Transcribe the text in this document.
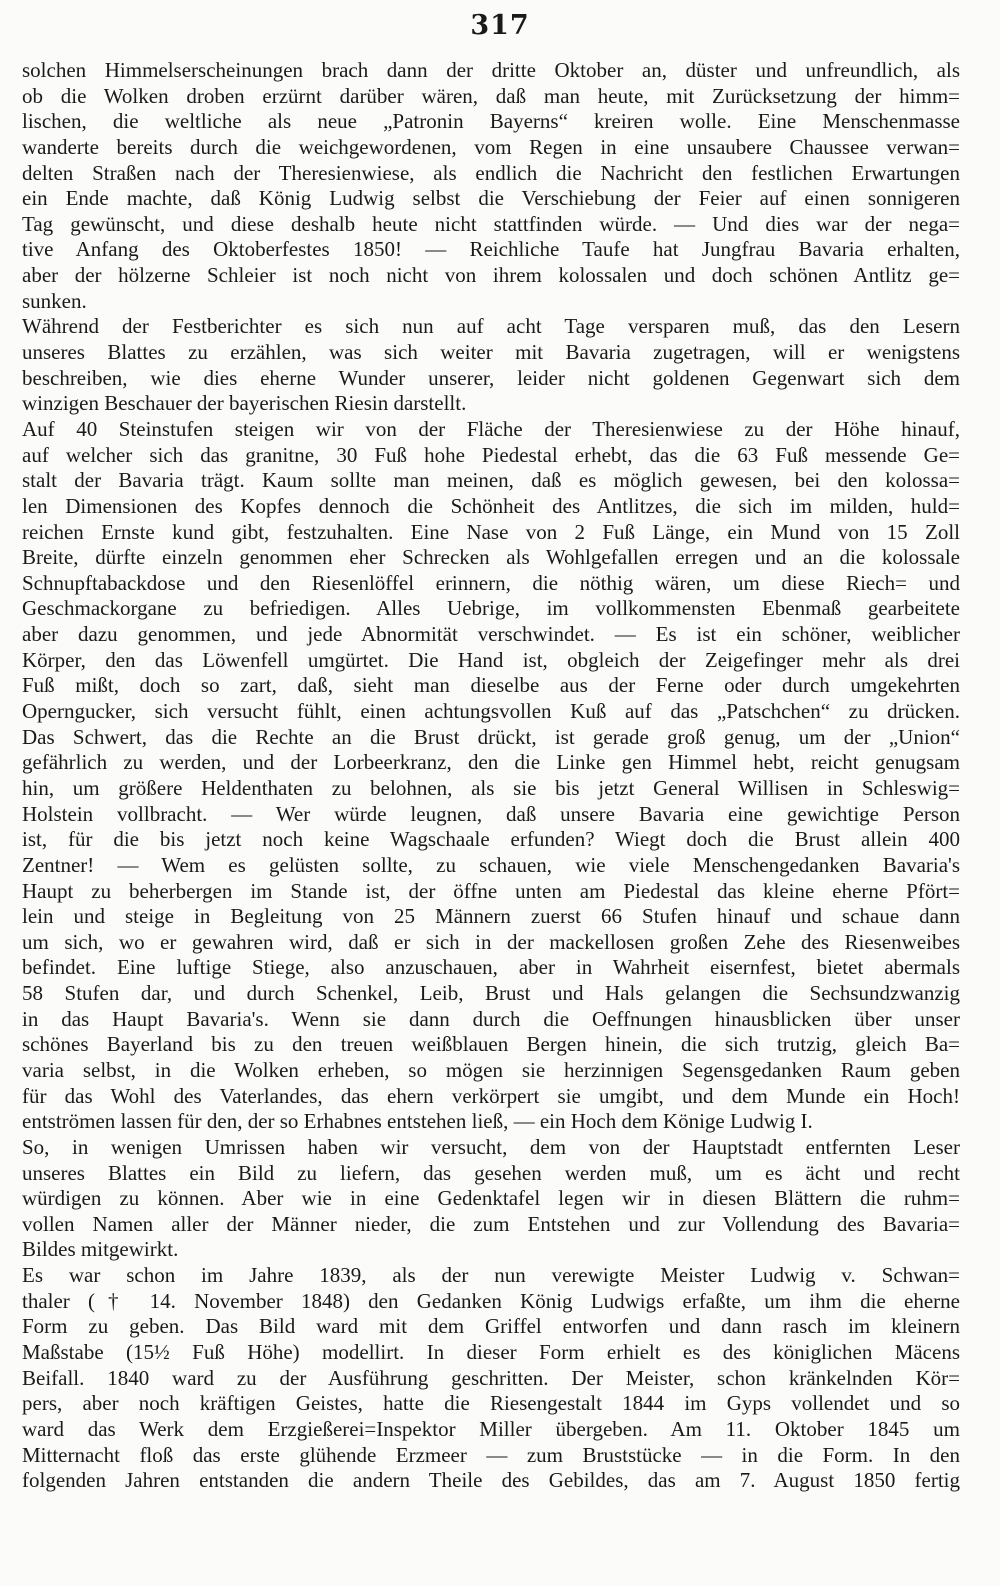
317
solchen Himmelserscheinungen brach dann der dritte Oktober an, düster und unfreundlich, als
ob die Wolken droben erzürnt darüber wären, daß man heute, mit Zurücksetzung der himm=
lischen, die weltliche als neue „Patronin Bayerns“ kreiren wolle. Eine Menschenmasse
wanderte bereits durch die weichgewordenen, vom Regen in eine unsaubere Chaussee verwan=
delten Straßen nach der Theresienwiese, als endlich die Nachricht den festlichen Erwartungen
ein Ende machte, daß König Ludwig selbst die Verschiebung der Feier auf einen sonnigeren
Tag gewünscht, und diese deshalb heute nicht stattfinden würde. — Und dies war der nega=
tive Anfang des Oktoberfestes 1850! — Reichliche Taufe hat Jungfrau Bavaria erhalten,
aber der hölzerne Schleier ist noch nicht von ihrem kolossalen und doch schönen Antlitz ge=
sunken.
Während der Festberichter es sich nun auf acht Tage versparen muß, das den Lesern
unseres Blattes zu erzählen, was sich weiter mit Bavaria zugetragen, will er wenigstens
beschreiben, wie dies eherne Wunder unserer, leider nicht goldenen Gegenwart sich dem
winzigen Beschauer der bayerischen Riesin darstellt.
Auf 40 Steinstufen steigen wir von der Fläche der Theresienwiese zu der Höhe hinauf,
auf welcher sich das granitne, 30 Fuß hohe Piedestal erhebt, das die 63 Fuß messende Ge=
stalt der Bavaria trägt. Kaum sollte man meinen, daß es möglich gewesen, bei den kolossa=
len Dimensionen des Kopfes dennoch die Schönheit des Antlitzes, die sich im milden, huld=
reichen Ernste kund gibt, festzuhalten. Eine Nase von 2 Fuß Länge, ein Mund von 15 Zoll
Breite, dürfte einzeln genommen eher Schrecken als Wohlgefallen erregen und an die kolossale
Schnupftabackdose und den Riesenlöffel erinnern, die nöthig wären, um diese Riech= und
Geschmackorgane zu befriedigen. Alles Uebrige, im vollkommensten Ebenmaß gearbeitete
aber dazu genommen, und jede Abnormität verschwindet. — Es ist ein schöner, weiblicher
Körper, den das Löwenfell umgürtet. Die Hand ist, obgleich der Zeigefinger mehr als drei
Fuß mißt, doch so zart, daß, sieht man dieselbe aus der Ferne oder durch umgekehrten
Operngucker, sich versucht fühlt, einen achtungsvollen Kuß auf das „Patschchen“ zu drücken.
Das Schwert, das die Rechte an die Brust drückt, ist gerade groß genug, um der „Union“
gefährlich zu werden, und der Lorbeerkranz, den die Linke gen Himmel hebt, reicht genugsam
hin, um größere Heldenthaten zu belohnen, als sie bis jetzt General Willisen in Schleswig=
Holstein vollbracht. — Wer würde leugnen, daß unsere Bavaria eine gewichtige Person
ist, für die bis jetzt noch keine Wagschaale erfunden? Wiegt doch die Brust allein 400
Zentner! — Wem es gelüsten sollte, zu schauen, wie viele Menschengedanken Bavaria's
Haupt zu beherbergen im Stande ist, der öffne unten am Piedestal das kleine eherne Pfört=
lein und steige in Begleitung von 25 Männern zuerst 66 Stufen hinauf und schaue dann
um sich, wo er gewahren wird, daß er sich in der mackellosen großen Zehe des Riesenweibes
befindet. Eine luftige Stiege, also anzuschauen, aber in Wahrheit eisernfest, bietet abermals
58 Stufen dar, und durch Schenkel, Leib, Brust und Hals gelangen die Sechsundzwanzig
in das Haupt Bavaria's. Wenn sie dann durch die Oeffnungen hinausblicken über unser
schönes Bayerland bis zu den treuen weißblauen Bergen hinein, die sich trutzig, gleich Ba=
varia selbst, in die Wolken erheben, so mögen sie herzinnigen Segensgedanken Raum geben
für das Wohl des Vaterlandes, das ehern verkörpert sie umgibt, und dem Munde ein Hoch!
entströmen lassen für den, der so Erhabnes entstehen ließ, — ein Hoch dem Könige Ludwig I.
So, in wenigen Umrissen haben wir versucht, dem von der Hauptstadt entfernten Leser
unseres Blattes ein Bild zu liefern, das gesehen werden muß, um es ächt und recht
würdigen zu können. Aber wie in eine Gedenktafel legen wir in diesen Blättern die ruhm=
vollen Namen aller der Männer nieder, die zum Entstehen und zur Vollendung des Bavaria=
Bildes mitgewirkt.
Es war schon im Jahre 1839, als der nun verewigte Meister Ludwig v. Schwan=
thaler († 14. November 1848) den Gedanken König Ludwigs erfaßte, um ihm die eherne
Form zu geben. Das Bild ward mit dem Griffel entworfen und dann rasch im kleinern
Maßstabe (15½ Fuß Höhe) modellirt. In dieser Form erhielt es des königlichen Mäcens
Beifall. 1840 ward zu der Ausführung geschritten. Der Meister, schon kränkelnden Kör=
pers, aber noch kräftigen Geistes, hatte die Riesengestalt 1844 im Gyps vollendet und so
ward das Werk dem Erzgießerei=Inspektor Miller übergeben. Am 11. Oktober 1845 um
Mitternacht floß das erste glühende Erzmeer — zum Bruststücke — in die Form. In den
folgenden Jahren entstanden die andern Theile des Gebildes, das am 7. August 1850 fertig
